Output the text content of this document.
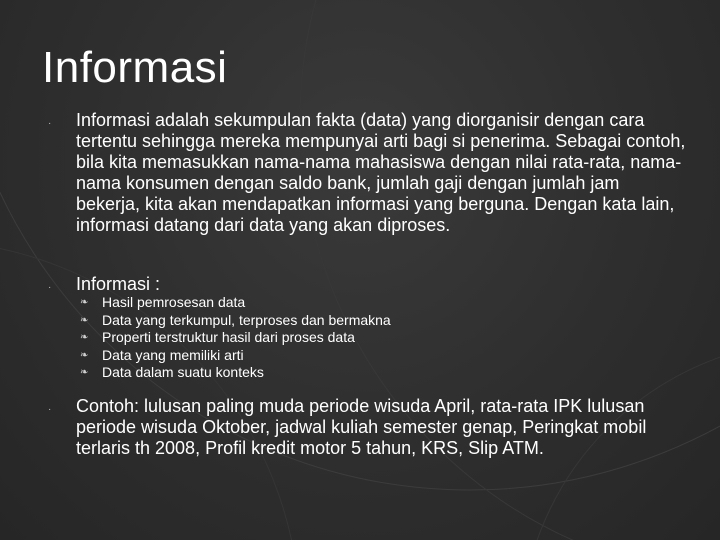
Informasi
· Informasi adalah sekumpulan fakta (data) yang diorganisir dengan cara tertentu sehingga mereka mempunyai arti bagi si penerima. Sebagai contoh, bila kita memasukkan nama-nama mahasiswa dengan nilai rata-rata, nama-nama konsumen dengan saldo bank, jumlah gaji dengan jumlah jam bekerja, kita akan mendapatkan informasi yang berguna. Dengan kata lain, informasi datang dari data yang akan diproses.

· Informasi :

❧ Hasil pemrosesan data
❧ Data yang terkumpul, terproses dan bermakna
❧ Properti terstruktur hasil dari proses data
❧ Data yang memiliki arti
❧ Data dalam suatu konteks
· Contoh: lulusan paling muda periode wisuda April, rata-rata IPK lulusan periode wisuda Oktober, jadwal kuliah semester genap, Peringkat mobil terlaris th 2008, Profil kredit motor 5 tahun, KRS, Slip ATM.
